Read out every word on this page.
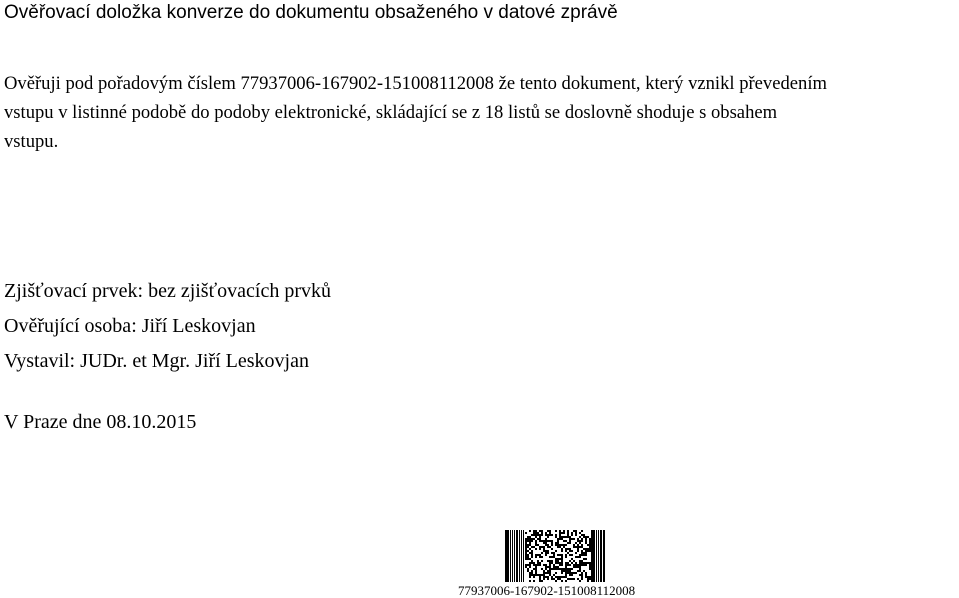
Ověřovací doložka konverze do dokumentu obsaženého v datové zprávě
Ověřuji pod pořadovým číslem 77937006-167902-151008112008 že tento dokument, který vznikl převedením
vstupu v listinné podobě do podoby elektronické, skládající se z 18 listů se doslovně shoduje s obsahem
vstupu.
Zjišťovací prvek: bez zjišťovacích prvků
Ověřující osoba: Jiří Leskovjan
Vystavil: JUDr. et Mgr. Jiří Leskovjan
V Praze dne 08.10.2015
77937006-167902-151008112008
